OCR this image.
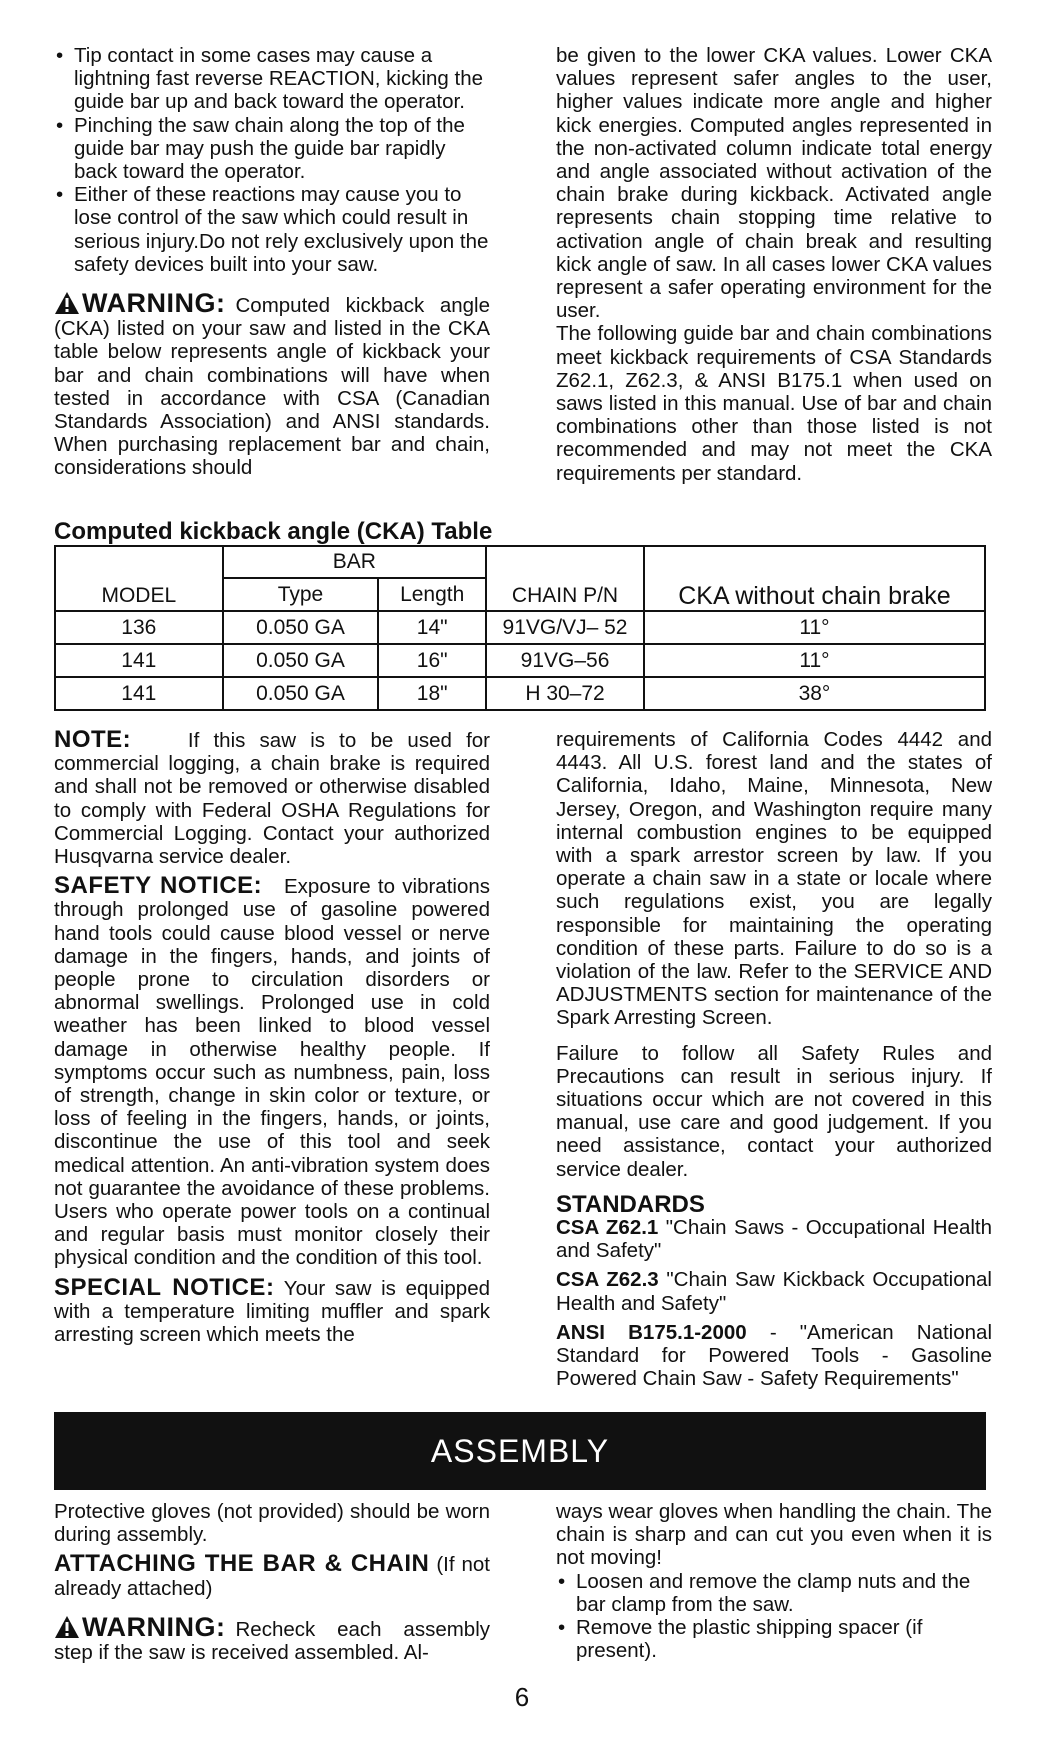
• Tip contact in some cases may cause a lightning fast reverse REACTION, kicking the guide bar up and back toward the operator.
• Pinching the saw chain along the top of the guide bar may push the guide bar rapidly back toward the operator.
• Either of these reactions may cause you to lose control of the saw which could result in serious injury.Do not rely exclusively upon the safety devices built into your saw.

WARNING: Computed kickback angle (CKA) listed on your saw and listed in the CKA table below represents angle of kickback your bar and chain combinations will have when tested in accordance with CSA (Canadian Standards Association) and ANSI standards. When purchasing replacement bar and chain, considerations should

be given to the lower CKA values. Lower CKA values represent safer angles to the user, higher values indicate more angle and higher kick energies. Computed angles represented in the non-activated column indicate total energy and angle associated without activation of the chain brake during kickback. Activated angle represents chain stopping time relative to activation angle of chain break and resulting kick angle of saw. In all cases lower CKA values represent a safer operating environment for the user.

The following guide bar and chain combinations meet kickback requirements of CSA Standards Z62.1, Z62.3, & ANSI B175.1 when used on saws listed in this manual. Use of bar and chain combinations other than those listed is not recommended and may not meet the CKA requirements per standard.

Computed kickback angle (CKA) Table
MODEL	BAR		CHAIN P/N	CKA without chain brake
	Type	Length		
136	0.050 GA	14"	91VG/VJ– 52	11°
141	0.050 GA	16"	91VG–56	11°
141	0.050 GA	18"	H 30–72	38°

NOTE:	If this saw is to be used for commercial logging, a chain brake is required and shall not be removed or otherwise disabled to comply with Federal OSHA Regulations for Commercial Logging. Contact your authorized Husqvarna service dealer.

SAFETY NOTICE: Exposure to vibrations through prolonged use of gasoline powered hand tools could cause blood vessel or nerve damage in the fingers, hands, and joints of people prone to circulation disorders or abnormal swellings. Prolonged use in cold weather has been linked to blood vessel damage in otherwise healthy people. If symptoms occur such as numbness, pain, loss of strength, change in skin color or texture, or loss of feeling in the fingers, hands, or joints, discontinue the use of this tool and seek medical attention. An anti-vibration system does not guarantee the avoidance of these problems. Users who operate power tools on a continual and regular basis must monitor closely their physical condition and the condition of this tool.

SPECIAL NOTICE: Your saw is equipped with a temperature limiting muffler and spark arresting screen which meets the

requirements of California Codes 4442 and 4443. All U.S. forest land and the states of California, Idaho, Maine, Minnesota, New Jersey, Oregon, and Washington require many internal combustion engines to be equipped with a spark arrestor screen by law. If you operate a chain saw in a state or locale where such regulations exist, you are legally responsible for maintaining the operating condition of these parts. Failure to do so is a violation of the law. Refer to the SERVICE AND ADJUSTMENTS section for maintenance of the Spark Arresting Screen.

Failure to follow all Safety Rules and Precautions can result in serious injury. If situations occur which are not covered in this manual, use care and good judgement. If you need assistance, contact your authorized service dealer.

STANDARDS

CSA Z62.1 "Chain Saws - Occupational Health and Safety"

CSA Z62.3 "Chain Saw Kickback Occupational Health and Safety"

ANSI B175.1-2000 - "American National Standard for Powered Tools - Gasoline Powered Chain Saw - Safety Requirements"

ASSEMBLY

Protective gloves (not provided) should be worn during assembly.

ATTACHING THE BAR & CHAIN (If not already attached)

WARNING: Recheck each assembly step if the saw is received assembled. Al-

ways wear gloves when handling the chain. The chain is sharp and can cut you even when it is not moving!

• Loosen and remove the clamp nuts and the bar clamp from the saw.
• Remove the plastic shipping spacer (if present).
6
